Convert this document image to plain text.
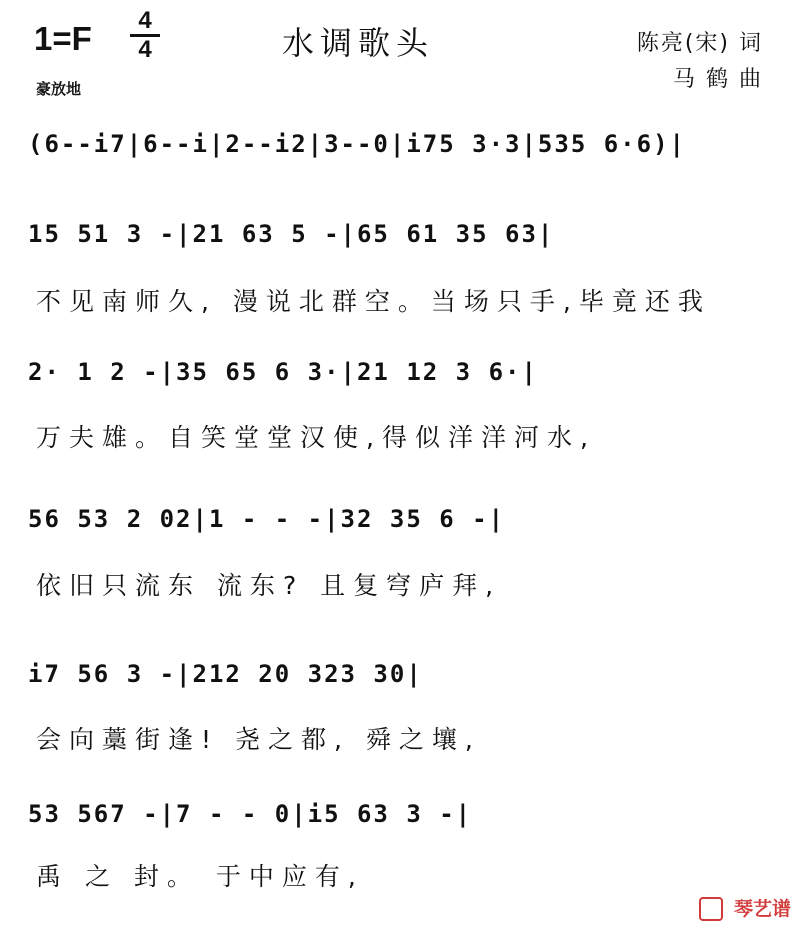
1=F	4
4	水调歌头	陈亮(宋) 词
马 鹤 曲
豪放地
(6--i7|6--i|2--i2|3--0|i75 3·3|535 6·6)|
15 51 3 -|21 63 5 -|65 61 35 63|
不见南师久, 漫说北群空。当场只手,毕竟还我
2· 1 2 -|35 65 6 3·|21 12 3 6·|
万夫雄。自笑堂堂汉使,得似洋洋河水,
56 53 2 02|1 - - -|32 35 6 -|
依旧只流东 流东? 且复穹庐拜,
i7 56 3 -|212 20 323 30|
会向藁街逢! 尧之都, 舜之壤,
53 567 -|7 - - 0|i5 63 3 -|
禹 之 封。 于中应有,
琴艺谱
